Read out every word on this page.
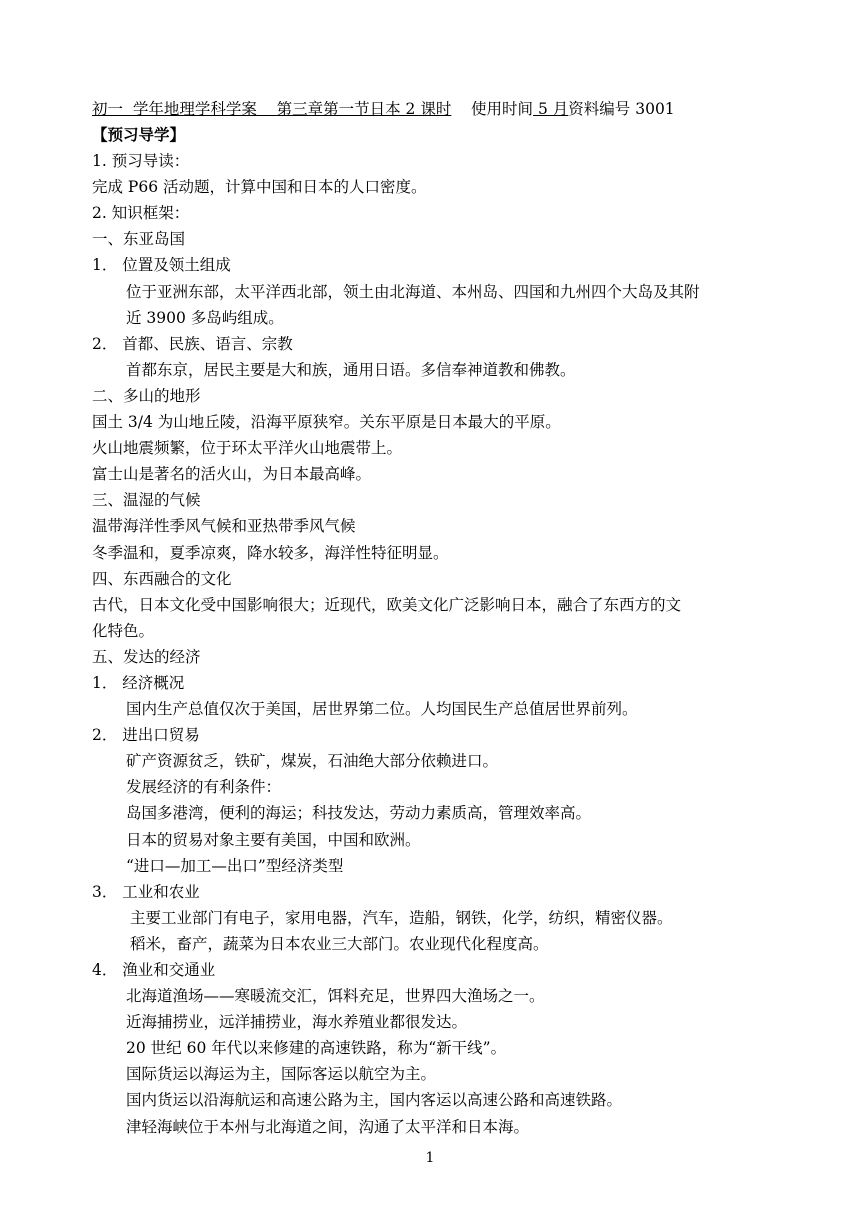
初一 学年地理学科学案 第三章第一节日本 2 课时 使用时间 5 月资料编号 3001
【预习导学】
1. 预习导读：
完成 P66 活动题，计算中国和日本的人口密度。
2. 知识框架：
一、东亚岛国
1． 位置及领土组成
位于亚洲东部，太平洋西北部，领土由北海道、本州岛、四国和九州四个大岛及其附
近 3900 多岛屿组成。
2． 首都、民族、语言、宗教
首都东京，居民主要是大和族，通用日语。多信奉神道教和佛教。
二、多山的地形
国土 3/4 为山地丘陵，沿海平原狭窄。关东平原是日本最大的平原。
火山地震频繁，位于环太平洋火山地震带上。
富士山是著名的活火山，为日本最高峰。
三、温湿的气候
温带海洋性季风气候和亚热带季风气候
冬季温和，夏季凉爽，降水较多，海洋性特征明显。
四、东西融合的文化
古代，日本文化受中国影响很大；近现代，欧美文化广泛影响日本，融合了东西方的文
化特色。
五、发达的经济
1． 经济概况
国内生产总值仅次于美国，居世界第二位。人均国民生产总值居世界前列。
2． 进出口贸易
矿产资源贫乏，铁矿，煤炭，石油绝大部分依赖进口。
发展经济的有利条件：
岛国多港湾，便利的海运；科技发达，劳动力素质高，管理效率高。
日本的贸易对象主要有美国，中国和欧洲。
“进口—加工—出口”型经济类型
3． 工业和农业
主要工业部门有电子，家用电器，汽车，造船，钢铁，化学，纺织，精密仪器。
稻米，畜产，蔬菜为日本农业三大部门。农业现代化程度高。
4． 渔业和交通业
北海道渔场——寒暖流交汇，饵料充足，世界四大渔场之一。
近海捕捞业，远洋捕捞业，海水养殖业都很发达。
20 世纪 60 年代以来修建的高速铁路，称为“新干线”。
国际货运以海运为主，国际客运以航空为主。
国内货运以沿海航运和高速公路为主，国内客运以高速公路和高速铁路。
津轻海峡位于本州与北海道之间，沟通了太平洋和日本海。
1
